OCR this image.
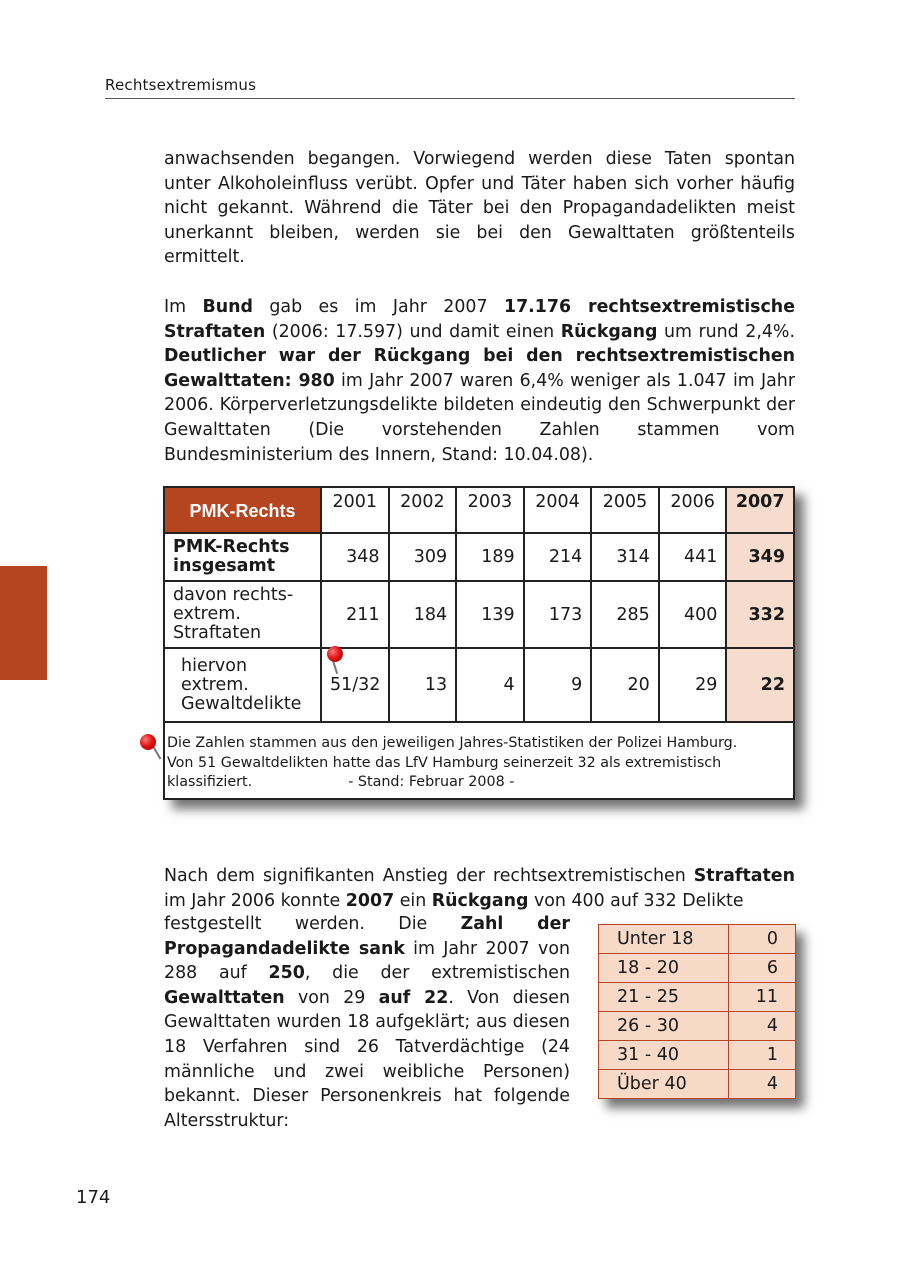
Rechtsextremismus

anwachsenden begangen. Vorwiegend werden diese Taten spontan unter Alkoholeinfluss verübt. Opfer und Täter haben sich vorher häufig nicht gekannt. Während die Täter bei den Propagandadelikten meist unerkannt bleiben, werden sie bei den Gewalttaten größtenteils ermittelt.

Im Bund gab es im Jahr 2007 17.176 rechtsextremistische Straftaten (2006: 17.597) und damit einen Rückgang um rund 2,4%. Deutlicher war der Rückgang bei den rechtsextremistischen Gewalttaten: 980 im Jahr 2007 waren 6,4% weniger als 1.047 im Jahr 2006. Körperverletzungsdelikte bildeten eindeutig den Schwerpunkt der Gewalttaten (Die vorstehenden Zahlen stammen vom Bundesministerium des Innern, Stand: 10.04.08).

PMK-Rechts	2001	2002	2003	2004	2005	2006	2007
PMK-Rechts insgesamt	348	309	189	214	314	441	349
davon rechts-extrem. Straftaten	211	184	139	173	285	400	332
hiervon extrem. Gewaltdelikte	51/32	13	4	9	20	29	22
Die Zahlen stammen aus den jeweiligen Jahres-Statistiken der Polizei Hamburg.
Von 51 Gewaltdelikten hatte das LfV Hamburg seinerzeit 32 als extremistisch
klassifiziert.	- Stand: Februar 2008 -

Nach dem signifikanten Anstieg der rechtsextremistischen Straftaten im Jahr 2006 konnte 2007 ein Rückgang von 400 auf 332 Delikte

festgestellt werden. Die Zahl der Propagandadelikte sank im Jahr 2007 von 288 auf 250, die der extremistischen Gewalttaten von 29 auf 22. Von diesen Gewalttaten wurden 18 aufgeklärt; aus diesen 18 Verfahren sind 26 Tatverdächtige (24 männliche und zwei weibliche Personen) bekannt. Dieser Personenkreis hat folgende Altersstruktur:

Unter 18	0
18 - 20	6
21 - 25	11
26 - 30	4
31 - 40	1
Über 40	4
174
